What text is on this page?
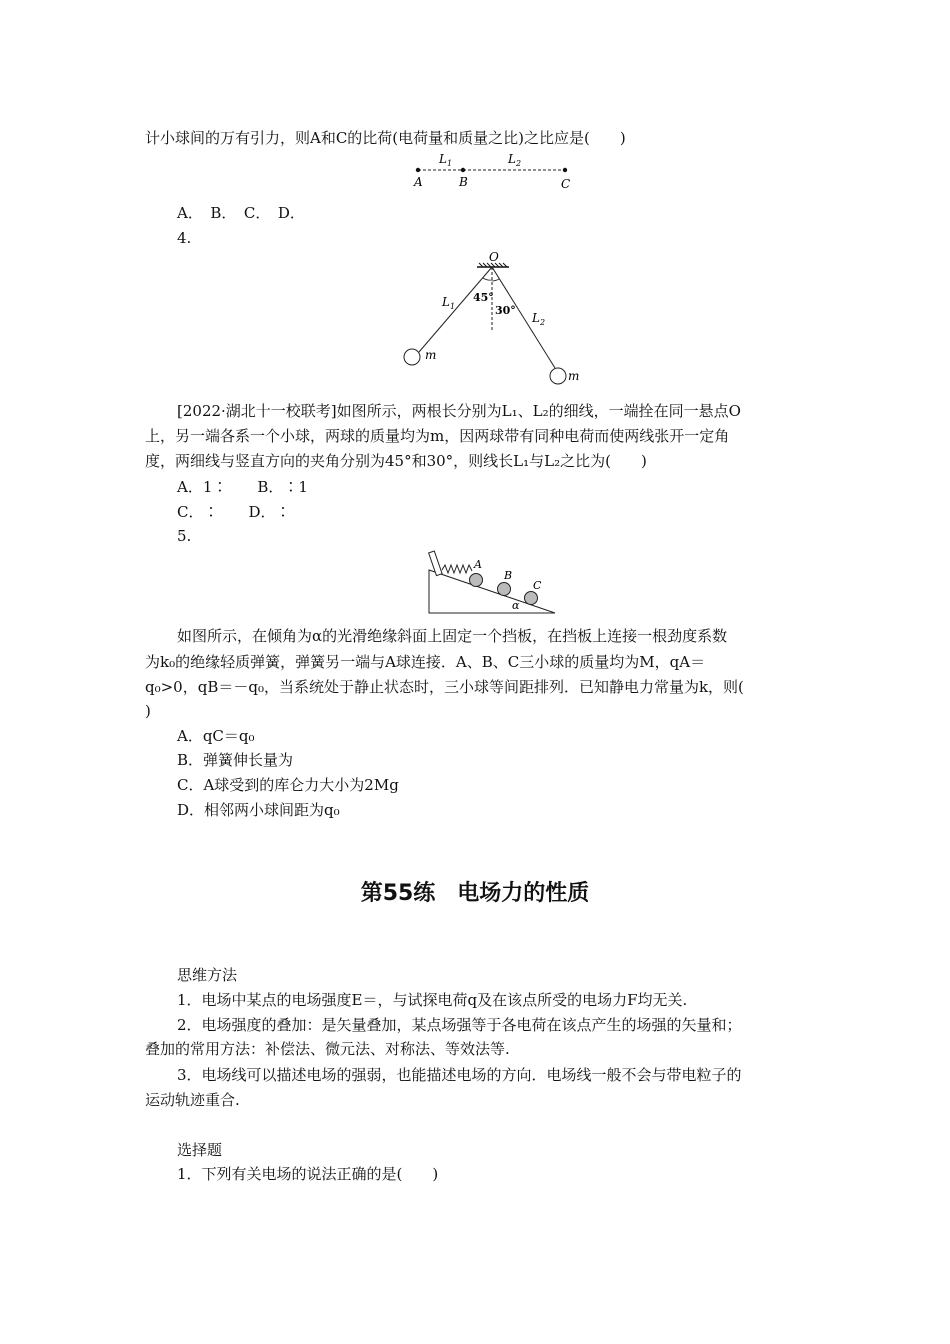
计小球间的万有引力，则A和C的比荷(电荷量和质量之比)之比应是(　　)
$L_1$	$L_2$
A	B	C
A．　B．　C．　D．
4.
O
45°
30°
$L_1$
$L_2$
m
m
[2022·湖北十一校联考]如图所示，两根长分别为L₁、L₂的细线，一端拴在同一悬点O
上，另一端各系一个小球，两球的质量均为m，因两球带有同种电荷而使两线张开一定角
度，两细线与竖直方向的夹角分别为45°和30°，则线长L₁与L₂之比为(　　)
A．1∶　　B．∶1
C．∶　　D．∶
5.
A
B
C
α
如图所示，在倾角为α的光滑绝缘斜面上固定一个挡板，在挡板上连接一根劲度系数
为k₀的绝缘轻质弹簧，弹簧另一端与A球连接．A、B、C三小球的质量均为M，qA＝
q₀>0，qB＝－q₀，当系统处于静止状态时，三小球等间距排列．已知静电力常量为k，则(
)
A．qC＝q₀
B．弹簧伸长量为
C．A球受到的库仑力大小为2Mg
D．相邻两小球间距为q₀
第55练　电场力的性质
思维方法
1．电场中某点的电场强度E＝，与试探电荷q及在该点所受的电场力F均无关.
2．电场强度的叠加：是矢量叠加，某点场强等于各电荷在该点产生的场强的矢量和；
叠加的常用方法：补偿法、微元法、对称法、等效法等.
3．电场线可以描述电场的强弱，也能描述电场的方向．电场线一般不会与带电粒子的
运动轨迹重合.
选择题
1．下列有关电场的说法正确的是(　　)
